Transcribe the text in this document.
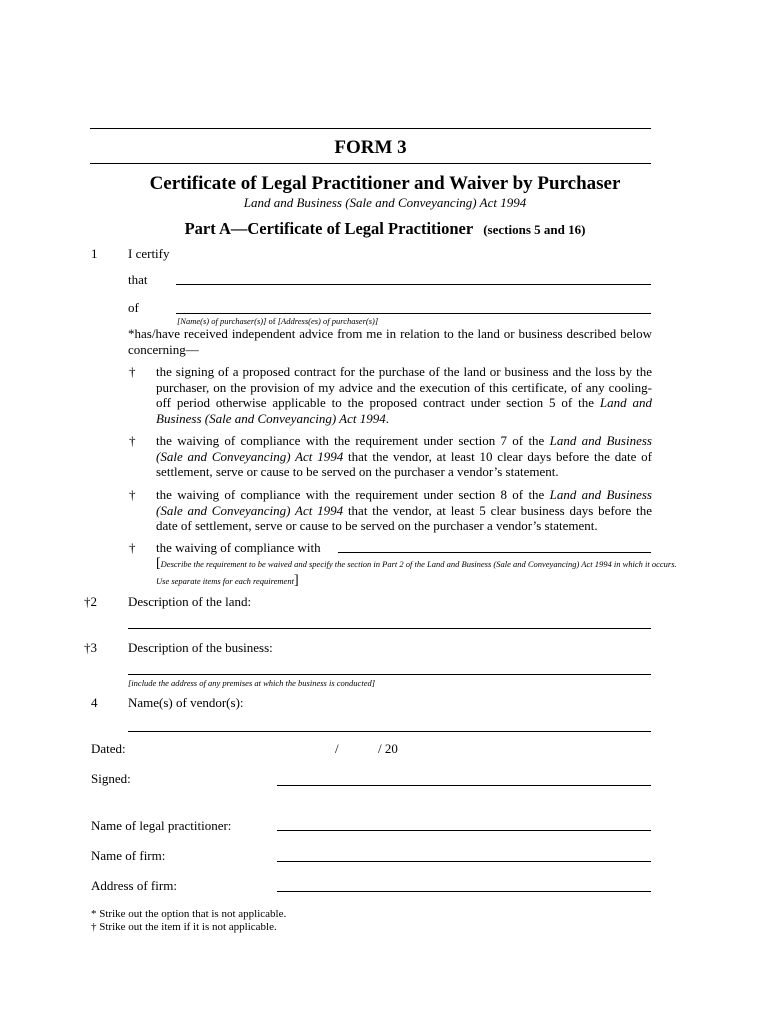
FORM 3
Certificate of Legal Practitioner and Waiver by Purchaser
Land and Business (Sale and Conveyancing) Act 1994
Part A—Certificate of Legal Practitioner (sections 5 and 16)
1 I certify
that
of
[Name(s) of purchaser(s)] of [Address(es) of purchaser(s)]
*has/have received independent advice from me in relation to the land or business described below concerning—
† the signing of a proposed contract for the purchase of the land or business and the loss by the purchaser, on the provision of my advice and the execution of this certificate, of any cooling-off period otherwise applicable to the proposed contract under section 5 of the Land and Business (Sale and Conveyancing) Act 1994.
† the waiving of compliance with the requirement under section 7 of the Land and Business (Sale and Conveyancing) Act 1994 that the vendor, at least 10 clear days before the date of settlement, serve or cause to be served on the purchaser a vendor’s statement.
† the waiving of compliance with the requirement under section 8 of the Land and Business (Sale and Conveyancing) Act 1994 that the vendor, at least 5 clear business days before the date of settlement, serve or cause to be served on the purchaser a vendor’s statement.
† the waiving of compliance with
[Describe the requirement to be waived and specify the section in Part 2 of the Land and Business (Sale and Conveyancing) Act 1994 in which it occurs. Use separate items for each requirement]
†2 Description of the land:
†3 Description of the business:
[include the address of any premises at which the business is conducted]
4 Name(s) of vendor(s):
Dated:	/	/ 20
Signed:
Name of legal practitioner:
Name of firm:
Address of firm:
* Strike out the option that is not applicable.
† Strike out the item if it is not applicable.
